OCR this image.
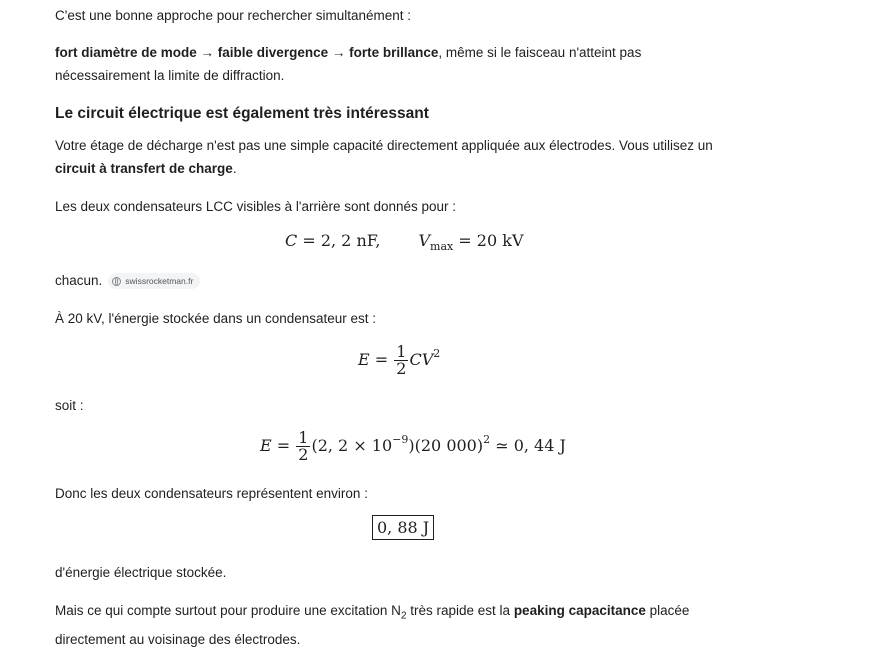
C'est une bonne approche pour rechercher simultanément :

fort diamètre de mode → faible divergence → forte brillance, même si le faisceau n'atteint pas nécessairement la limite de diffraction.

Le circuit électrique est également très intéressant

Votre étage de décharge n'est pas une simple capacité directement appliquée aux électrodes. Vous utilisez un circuit à transfert de charge.

Les deux condensateurs LCC visibles à l'arrière sont donnés pour :

C = 2, 2 nF, $V_{max} = 20$ kV

chacun.	swissrocketman.fr

À 20 kV, l'énergie stockée dans un condensateur est :

$E = \frac{1}{2} CV^2$

soit :

$E = \frac{1}{2} (2$, $2 \times 10^{-9})(20$ 000)$^2$ ≃ 0, 44 J

Donc les deux condensateurs représentent environ :

0, 88 J

d'énergie électrique stockée.

Mais ce qui compte surtout pour produire une excitation $N_2$ très rapide est la peaking capacitance placée directement au voisinage des électrodes.
